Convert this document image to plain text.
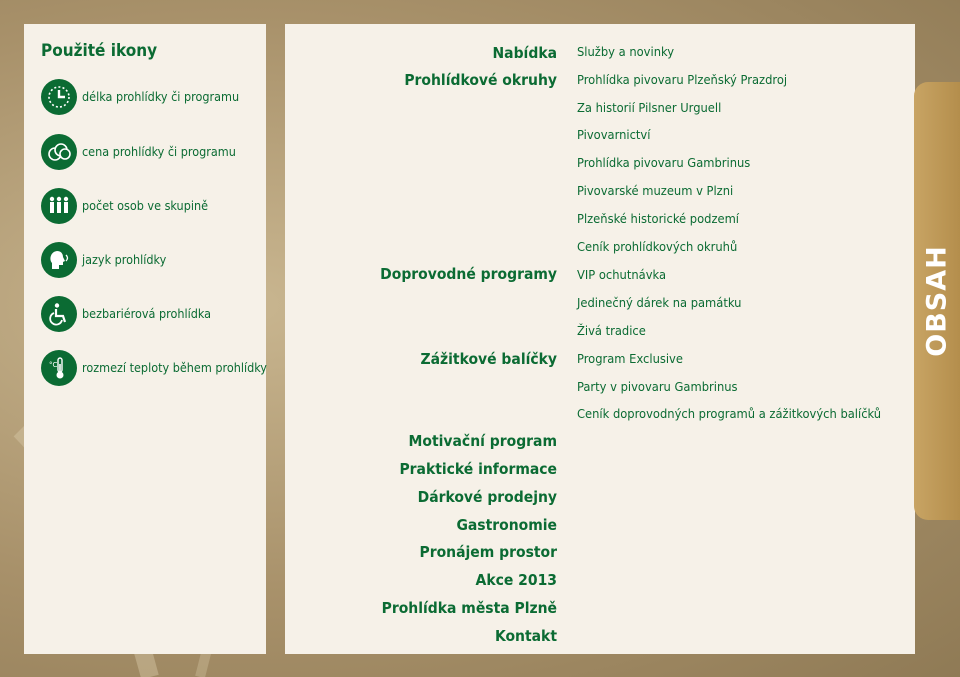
OBSAH
Použité ikony
délka prohlídky či programu
cena prohlídky či programu
počet osob ve skupině
jazyk prohlídky
bezbariérová prohlídka
°C rozmezí teploty během prohlídky
Nabídka
Prohlídkové okruhy
Doprovodné programy
Zážitkové balíčky
Motivační program
Praktické informace
Dárkové prodejny
Gastronomie
Pronájem prostor
Akce 2013
Prohlídka města Plzně
Kontakt
Služby a novinky
Prohlídka pivovaru Plzeňský Prazdroj
Za historií Pilsner Urguell
Pivovarnictví
Prohlídka pivovaru Gambrinus
Pivovarské muzeum v Plzni
Plzeňské historické podzemí
Ceník prohlídkových okruhů
VIP ochutnávka
Jedinečný dárek na památku
Živá tradice
Program Exclusive
Party v pivovaru Gambrinus
Ceník doprovodných programů a zážitkových balíčků
